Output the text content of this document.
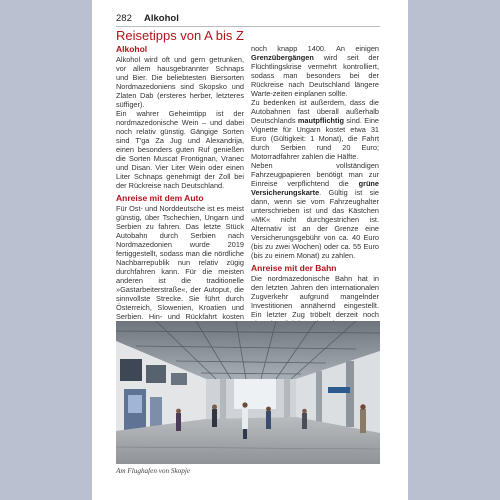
282 Alkohol
Reisetipps von A bis Z
Alkohol

Alkohol wird oft und gern getrunken, vor allem hausgebrannter Schnaps und Bier. Die beliebtesten Biersorten Nordmazedoniens sind Skopsko und Zlaten Dab (ersteres herber, letzteres süffiger).

Ein wahrer Geheimtipp ist der nordmazedonische Wein – und dabei noch relativ günstig. Gängige Sorten sind T'ga Za Jug und Alexandrija, einen besonders guten Ruf genießen die Sorten Muscat Frontignan, Vranec und Disan. Vier Liter Wein oder einen Liter Schnaps genehmigt der Zoll bei der Rückreise nach Deutschland.

Anreise mit dem Auto

Für Ost- und Norddeutsche ist es meist günstig, über Tschechien, Ungarn und Serbien zu fahren. Das letzte Stück Autobahn durch Serbien nach Nordmazedonien wurde 2019 fertiggestellt, sodass man die nördliche Nachbarrepublik nun relativ zügig durchfahren kann. Für die meisten anderen ist die traditionelle »Gastarbeiterstraße«, der Autoput, die sinnvollste Strecke. Sie führt durch Österreich, Slowenien, Kroatien und Serbien. Hin- und Rückfahrt kosten

noch knapp 1400. An einigen Grenzübergängen wird seit der Flüchtlingskrise vermehrt kontrolliert, sodass man besonders bei der Rückreise nach Deutschland längere Warte-zeiten einplanen sollte.

Zu bedenken ist außerdem, dass die Autobahnen fast überall außerhalb Deutschlands mautpflichtig sind. Eine Vignette für Ungarn kostet etwa 31 Euro (Gültigkeit: 1 Monat), die Fahrt durch Serbien rund 20 Euro; Motorradfahrer zahlen die Hälfte.

Neben vollständigen Fahrzeugpapieren benötigt man zur Einreise verpflichtend die grüne Versicherungskarte. Gültig ist sie dann, wenn sie vom Fahrzeughalter unterschrieben ist und das Kästchen »MK« nicht durchgestrichen ist. Alternativ ist an der Grenze eine Versicherungsgebühr von ca. 40 Euro (bis zu zwei Wochen) oder ca. 55 Euro (bis zu einem Monat) zu zahlen.

Anreise mit der Bahn

Die nordmazedonische Bahn hat in den letzten Jahren den internationalen Zugverkehr aufgrund mangelnder Investitionen annähernd eingestellt. Ein letzter Zug tröbelt derzeit noch

Am Flughafen von Skopje
